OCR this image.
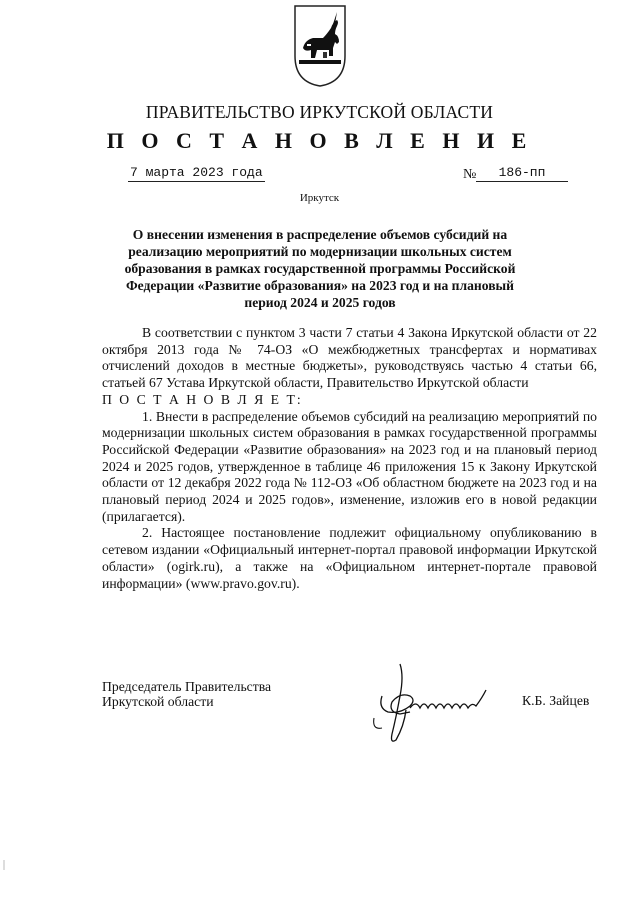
ПРАВИТЕЛЬСТВО ИРКУТСКОЙ ОБЛАСТИ
П О С Т А Н О В Л Е Н И Е
7 марта 2023 года	№	186-пп
Иркутск
О внесении изменения в распределение объемов субсидий на реализацию мероприятий по модернизации школьных систем образования в рамках государственной программы Российской Федерации «Развитие образования» на 2023 год и на плановый период 2024 и 2025 годов

В соответствии с пунктом 3 части 7 статьи 4 Закона Иркутской области от 22 октября 2013 года № 74-ОЗ «О межбюджетных трансфертах и нормативах отчислений доходов в местные бюджеты», руководствуясь частью 4 статьи 66, статьей 67 Устава Иркутской области, Правительство Иркутской области

П О С Т А Н О В Л Я Е Т:

1. Внести в распределение объемов субсидий на реализацию мероприятий по модернизации школьных систем образования в рамках государственной программы Российской Федерации «Развитие образования» на 2023 год и на плановый период 2024 и 2025 годов, утвержденное в таблице 46 приложения 15 к Закону Иркутской области от 12 декабря 2022 года № 112-ОЗ «Об областном бюджете на 2023 год и на плановый период 2024 и 2025 годов», изменение, изложив его в новой редакции (прилагается).

2. Настоящее постановление подлежит официальному опубликованию в сетевом издании «Официальный интернет-портал правовой информации Иркутской области» (ogirk.ru), а также на «Официальном интернет-портале правовой информации» (www.pravo.gov.ru).

Председатель Правительства
Иркутской области	К.Б. Зайцев
